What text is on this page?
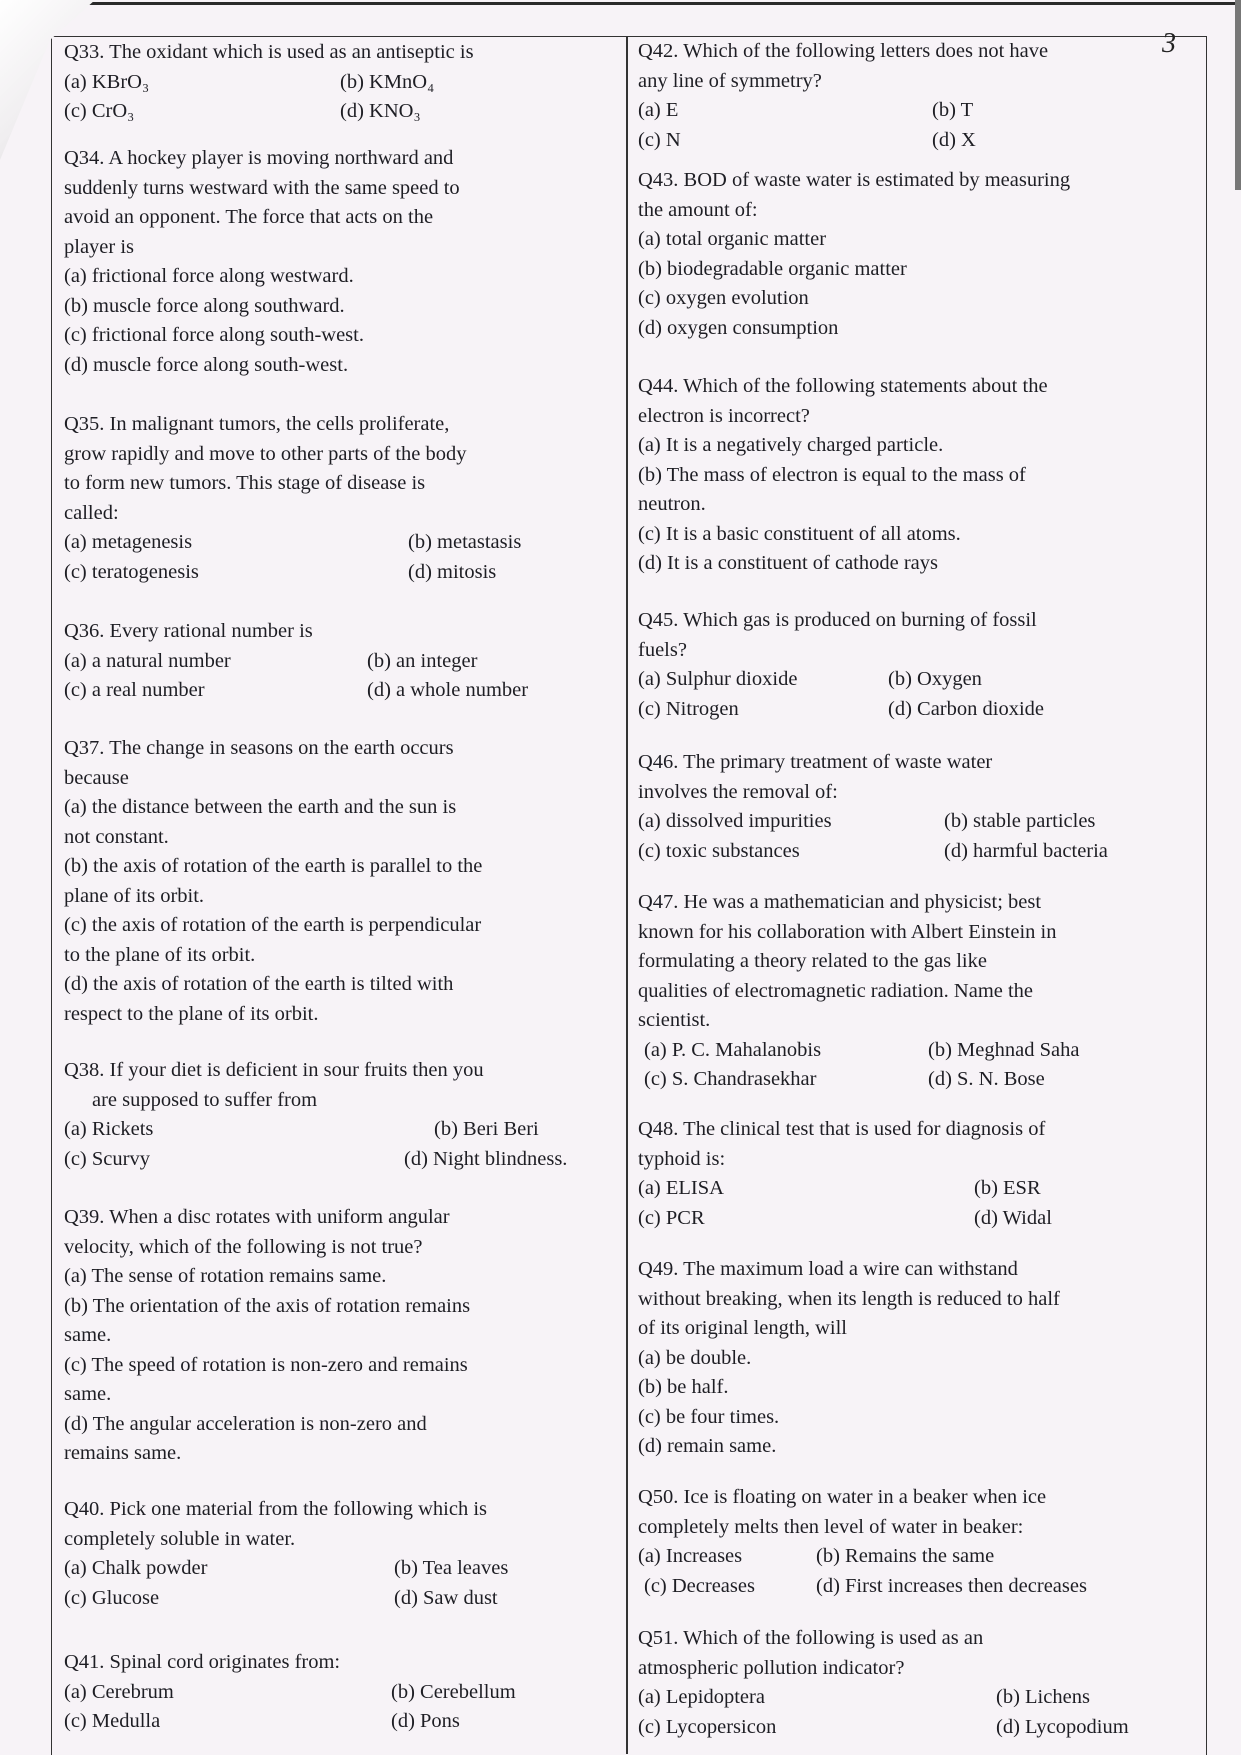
3
Q33. The oxidant which is used as an antiseptic is
(a) KBrO₃	(b) KMnO₄
(c) CrO₃	(d) KNO₃
Q34. A hockey player is moving northward and
suddenly turns westward with the same speed to
avoid an opponent. The force that acts on the
player is
(a) frictional force along westward.
(b) muscle force along southward.
(c) frictional force along south-west.
(d) muscle force along south-west.
Q35. In malignant tumors, the cells proliferate,
grow rapidly and move to other parts of the body
to form new tumors. This stage of disease is
called:
(a) metagenesis	(b) metastasis
(c) teratogenesis	(d) mitosis
Q36. Every rational number is
(a) a natural number	(b) an integer
(c) a real number	(d) a whole number
Q37. The change in seasons on the earth occurs
because
(a) the distance between the earth and the sun is
not constant.
(b) the axis of rotation of the earth is parallel to the
plane of its orbit.
(c) the axis of rotation of the earth is perpendicular
to the plane of its orbit.
(d) the axis of rotation of the earth is tilted with
respect to the plane of its orbit.
Q38. If your diet is deficient in sour fruits then you
are supposed to suffer from
(a) Rickets	(b) Beri Beri
(c) Scurvy	(d) Night blindness.
Q39. When a disc rotates with uniform angular
velocity, which of the following is not true?
(a) The sense of rotation remains same.
(b) The orientation of the axis of rotation remains
same.
(c) The speed of rotation is non-zero and remains
same.
(d) The angular acceleration is non-zero and
remains same.
Q40. Pick one material from the following which is
completely soluble in water.
(a) Chalk powder	(b) Tea leaves
(c) Glucose	(d) Saw dust
Q41. Spinal cord originates from:
(a) Cerebrum	(b) Cerebellum
(c) Medulla	(d) Pons
Q42. Which of the following letters does not have
any line of symmetry?
(a) E	(b) T
(c) N	(d) X
Q43. BOD of waste water is estimated by measuring
the amount of:
(a) total organic matter
(b) biodegradable organic matter
(c) oxygen evolution
(d) oxygen consumption
Q44. Which of the following statements about the
electron is incorrect?
(a) It is a negatively charged particle.
(b) The mass of electron is equal to the mass of
neutron.
(c) It is a basic constituent of all atoms.
(d) It is a constituent of cathode rays
Q45. Which gas is produced on burning of fossil
fuels?
(a) Sulphur dioxide	(b) Oxygen
(c) Nitrogen	(d) Carbon dioxide
Q46. The primary treatment of waste water
involves the removal of:
(a) dissolved impurities	(b) stable particles
(c) toxic substances	(d) harmful bacteria
Q47. He was a mathematician and physicist; best
known for his collaboration with Albert Einstein in
formulating a theory related to the gas like
qualities of electromagnetic radiation. Name the
scientist.
(a) P. C. Mahalanobis	(b) Meghnad Saha
(c) S. Chandrasekhar	(d) S. N. Bose
Q48. The clinical test that is used for diagnosis of
typhoid is:
(a) ELISA	(b) ESR
(c) PCR	(d) Widal
Q49. The maximum load a wire can withstand
without breaking, when its length is reduced to half
of its original length, will
(a) be double.
(b) be half.
(c) be four times.
(d) remain same.
Q50. Ice is floating on water in a beaker when ice
completely melts then level of water in beaker:
(a) Increases	(b) Remains the same
(c) Decreases	(d) First increases then decreases
Q51. Which of the following is used as an
atmospheric pollution indicator?
(a) Lepidoptera	(b) Lichens
(c) Lycopersicon	(d) Lycopodium
